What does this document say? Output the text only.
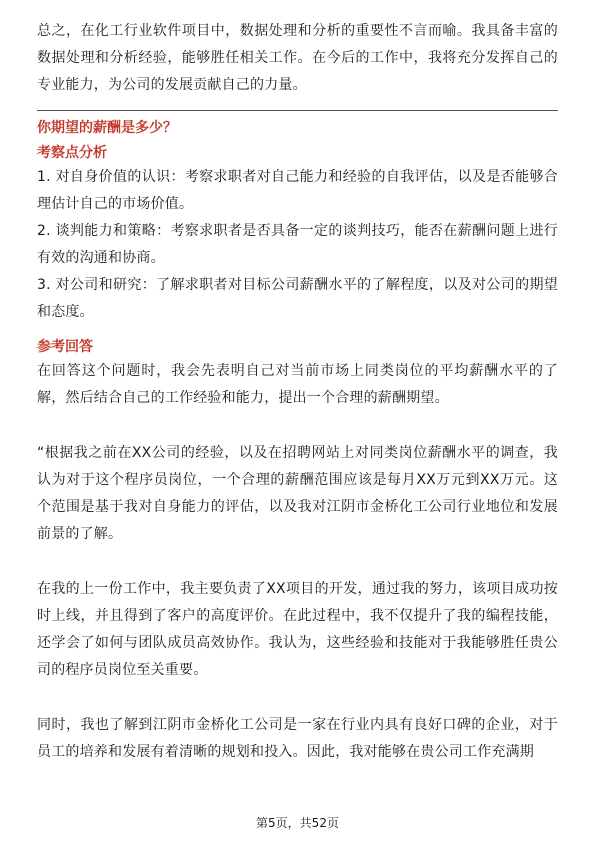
总之，在化工行业软件项目中，数据处理和分析的重要性不言而喻。我具备丰富的数据处理和分析经验，能够胜任相关工作。在今后的工作中，我将充分发挥自己的专业能力，为公司的发展贡献自己的力量。

你期望的薪酬是多少？
考察点分析

1. 对自身价值的认识：考察求职者对自己能力和经验的自我评估，以及是否能够合理估计自己的市场价值。

2. 谈判能力和策略：考察求职者是否具备一定的谈判技巧，能否在薪酬问题上进行有效的沟通和协商。

3. 对公司和研究：了解求职者对目标公司薪酬水平的了解程度，以及对公司的期望和态度。

参考回答

在回答这个问题时，我会先表明自己对当前市场上同类岗位的平均薪酬水平的了解，然后结合自己的工作经验和能力，提出一个合理的薪酬期望。

“根据我之前在XX公司的经验，以及在招聘网站上对同类岗位薪酬水平的调查，我认为对于这个程序员岗位，一个合理的薪酬范围应该是每月XX万元到XX万元。这个范围是基于我对自身能力的评估，以及我对江阴市金桥化工公司行业地位和发展前景的了解。

在我的上一份工作中，我主要负责了XX项目的开发，通过我的努力，该项目成功按时上线，并且得到了客户的高度评价。在此过程中，我不仅提升了我的编程技能，还学会了如何与团队成员高效协作。我认为，这些经验和技能对于我能够胜任贵公司的程序员岗位至关重要。

同时，我也了解到江阴市金桥化工公司是一家在行业内具有良好口碑的企业，对于员工的培养和发展有着清晰的规划和投入。因此，我对能够在贵公司工作充满期

第5页，共52页
